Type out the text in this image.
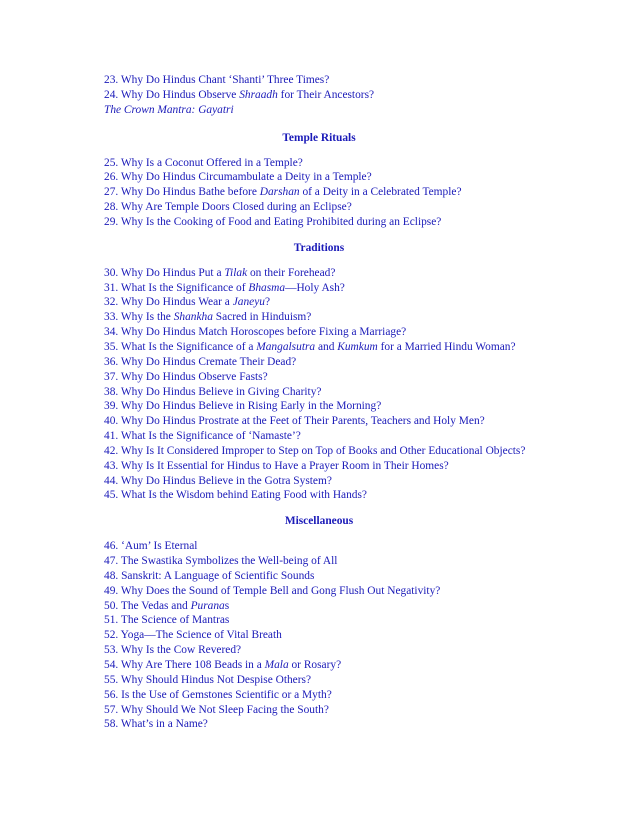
23. Why Do Hindus Chant ‘Shanti’ Three Times?
24. Why Do Hindus Observe Shraadh for Their Ancestors?
The Crown Mantra: Gayatri
Temple Rituals
25. Why Is a Coconut Offered in a Temple?
26. Why Do Hindus Circumambulate a Deity in a Temple?
27. Why Do Hindus Bathe before Darshan of a Deity in a Celebrated Temple?
28. Why Are Temple Doors Closed during an Eclipse?
29. Why Is the Cooking of Food and Eating Prohibited during an Eclipse?
Traditions
30. Why Do Hindus Put a Tilak on their Forehead?
31. What Is the Significance of Bhasma—Holy Ash?
32. Why Do Hindus Wear a Janeyu?
33. Why Is the Shankha Sacred in Hinduism?
34. Why Do Hindus Match Horoscopes before Fixing a Marriage?
35. What Is the Significance of a Mangalsutra and Kumkum for a Married Hindu Woman?
36. Why Do Hindus Cremate Their Dead?
37. Why Do Hindus Observe Fasts?
38. Why Do Hindus Believe in Giving Charity?
39. Why Do Hindus Believe in Rising Early in the Morning?
40. Why Do Hindus Prostrate at the Feet of Their Parents, Teachers and Holy Men?
41. What Is the Significance of ‘Namaste’?
42. Why Is It Considered Improper to Step on Top of Books and Other Educational Objects?
43. Why Is It Essential for Hindus to Have a Prayer Room in Their Homes?
44. Why Do Hindus Believe in the Gotra System?
45. What Is the Wisdom behind Eating Food with Hands?
Miscellaneous
46. ‘Aum’ Is Eternal
47. The Swastika Symbolizes the Well-being of All
48. Sanskrit: A Language of Scientific Sounds
49. Why Does the Sound of Temple Bell and Gong Flush Out Negativity?
50. The Vedas and Puranas
51. The Science of Mantras
52. Yoga—The Science of Vital Breath
53. Why Is the Cow Revered?
54. Why Are There 108 Beads in a Mala or Rosary?
55. Why Should Hindus Not Despise Others?
56. Is the Use of Gemstones Scientific or a Myth?
57. Why Should We Not Sleep Facing the South?
58. What’s in a Name?
